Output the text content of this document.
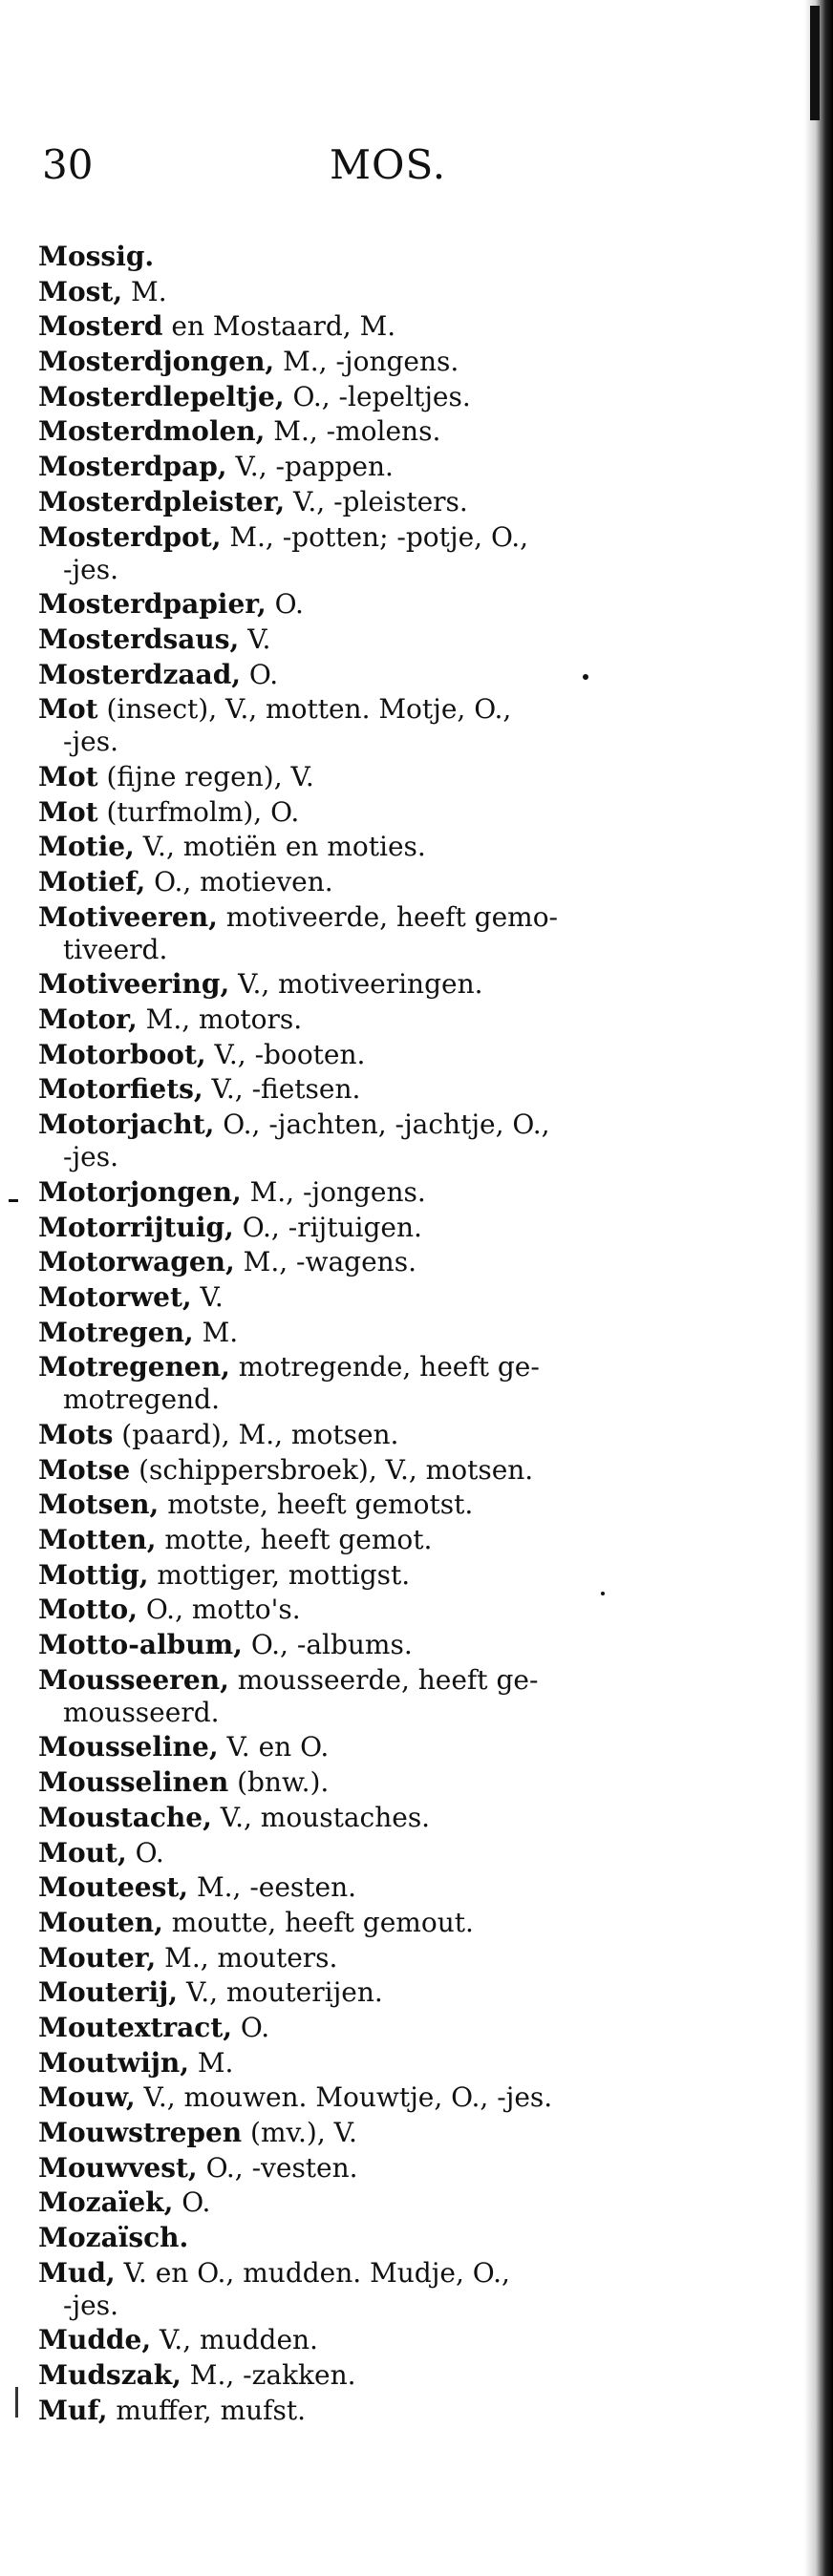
30	MOS.
Mossig.
Most, M.
Mosterd en Mostaard, M.
Mosterdjongen, M., -jongens.
Mosterdlepeltje, O., -lepeltjes.
Mosterdmolen, M., -molens.
Mosterdpap, V., -pappen.
Mosterdpleister, V., -pleisters.
Mosterdpot, M., -potten; -potje, O.,
-jes.
Mosterdpapier, O.
Mosterdsaus, V.
Mosterdzaad, O.
Mot (insect), V., motten. Motje, O.,
-jes.
Mot (fijne regen), V.
Mot (turfmolm), O.
Motie, V., motiën en moties.
Motief, O., motieven.
Motiveeren, motiveerde, heeft gemo-
tiveerd.
Motiveering, V., motiveeringen.
Motor, M., motors.
Motorboot, V., -booten.
Motorfiets, V., -fietsen.
Motorjacht, O., -jachten, -jachtje, O.,
-jes.
Motorjongen, M., -jongens.
Motorrijtuig, O., -rijtuigen.
Motorwagen, M., -wagens.
Motorwet, V.
Motregen, M.
Motregenen, motregende, heeft ge-
motregend.
Mots (paard), M., motsen.
Motse (schippersbroek), V., motsen.
Motsen, motste, heeft gemotst.
Motten, motte, heeft gemot.
Mottig, mottiger, mottigst.
Motto, O., motto's.
Motto-album, O., -albums.
Mousseeren, mousseerde, heeft ge-
mousseerd.
Mousseline, V. en O.
Mousselinen (bnw.).
Moustache, V., moustaches.
Mout, O.
Mouteest, M., -eesten.
Mouten, moutte, heeft gemout.
Mouter, M., mouters.
Mouterij, V., mouterijen.
Moutextract, O.
Moutwijn, M.
Mouw, V., mouwen. Mouwtje, O., -jes.
Mouwstrepen (mv.), V.
Mouwvest, O., -vesten.
Mozaïek, O.
Mozaïsch.
Mud, V. en O., mudden. Mudje, O.,
-jes.
Mudde, V., mudden.
Mudszak, M., -zakken.
Muf, muffer, mufst.
